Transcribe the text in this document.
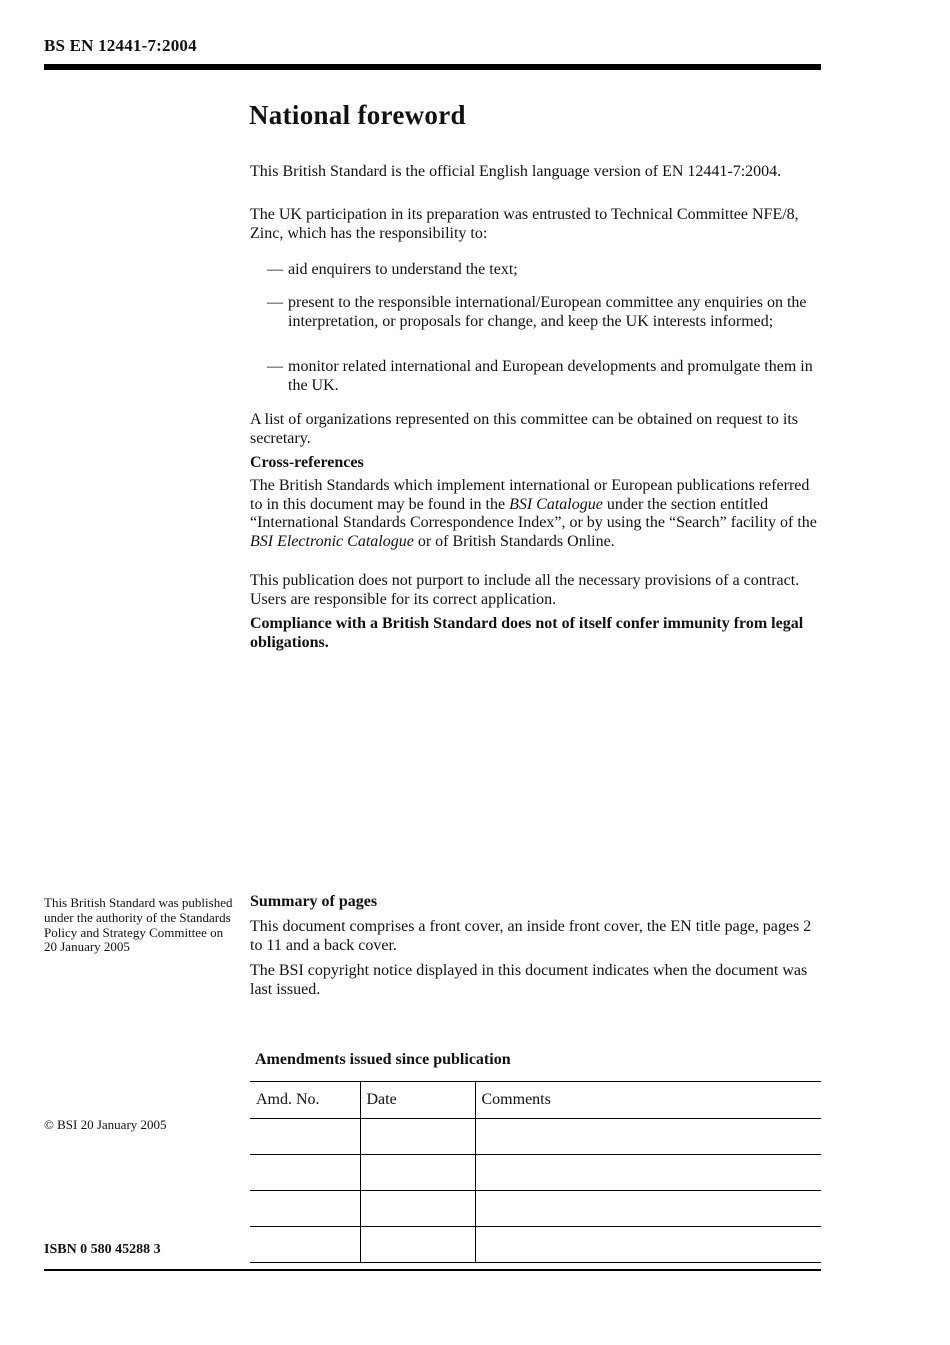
BS EN 12441-7:2004
National foreword

This British Standard is the official English language version of EN 12441-7:2004.

The UK participation in its preparation was entrusted to Technical Committee NFE/8, Zinc, which has the responsibility to:

— aid enquirers to understand the text;
— present to the responsible international/European committee any enquiries on the interpretation, or proposals for change, and keep the UK interests informed;
— monitor related international and European developments and promulgate them in the UK.

A list of organizations represented on this committee can be obtained on request to its secretary.

Cross-references

The British Standards which implement international or European publications referred to in this document may be found in the BSI Catalogue under the section entitled “International Standards Correspondence Index”, or by using the “Search” facility of the BSI Electronic Catalogue or of British Standards Online.

This publication does not purport to include all the necessary provisions of a contract. Users are responsible for its correct application.

Compliance with a British Standard does not of itself confer immunity from legal obligations.

This British Standard was published under the authority of the Standards Policy and Strategy Committee on 20 January 2005
Summary of pages

This document comprises a front cover, an inside front cover, the EN title page, pages 2 to 11 and a back cover.

The BSI copyright notice displayed in this document indicates when the document was last issued.

© BSI 20 January 2005
Amendments issued since publication
Amd. No.	Date	Comments

ISBN 0 580 45288 3
